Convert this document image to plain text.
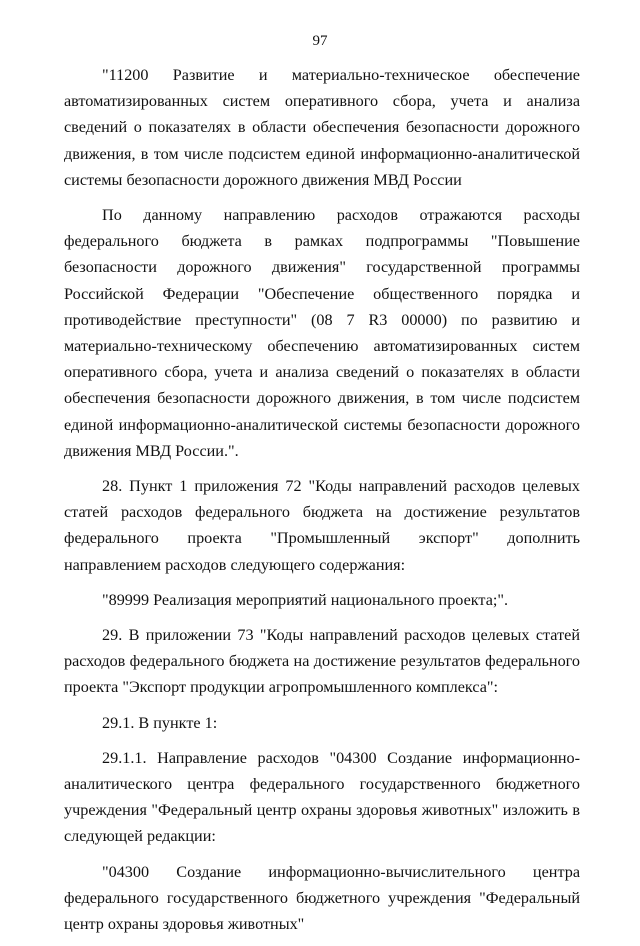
97

"11200 Развитие и материально-техническое обеспечение автоматизированных систем оперативного сбора, учета и анализа сведений о показателях в области обеспечения безопасности дорожного движения, в том числе подсистем единой информационно-аналитической системы безопасности дорожного движения МВД России

По данному направлению расходов отражаются расходы федерального бюджета в рамках подпрограммы "Повышение безопасности дорожного движения" государственной программы Российской Федерации "Обеспечение общественного порядка и противодействие преступности" (08 7 R3 00000) по развитию и материально-техническому обеспечению автоматизированных систем оперативного сбора, учета и анализа сведений о показателях в области обеспечения безопасности дорожного движения, в том числе подсистем единой информационно-аналитической системы безопасности дорожного движения МВД России.".

28. Пункт 1 приложения 72 "Коды направлений расходов целевых статей расходов федерального бюджета на достижение результатов федерального проекта "Промышленный экспорт" дополнить направлением расходов следующего содержания:

"89999 Реализация мероприятий национального проекта;".

29. В приложении 73 "Коды направлений расходов целевых статей расходов федерального бюджета на достижение результатов федерального проекта "Экспорт продукции агропромышленного комплекса":

29.1. В пункте 1:

29.1.1. Направление расходов "04300 Создание информационно-аналитического центра федерального государственного бюджетного учреждения "Федеральный центр охраны здоровья животных" изложить в следующей редакции:

"04300 Создание информационно-вычислительного центра федерального государственного бюджетного учреждения "Федеральный центр охраны здоровья животных"
